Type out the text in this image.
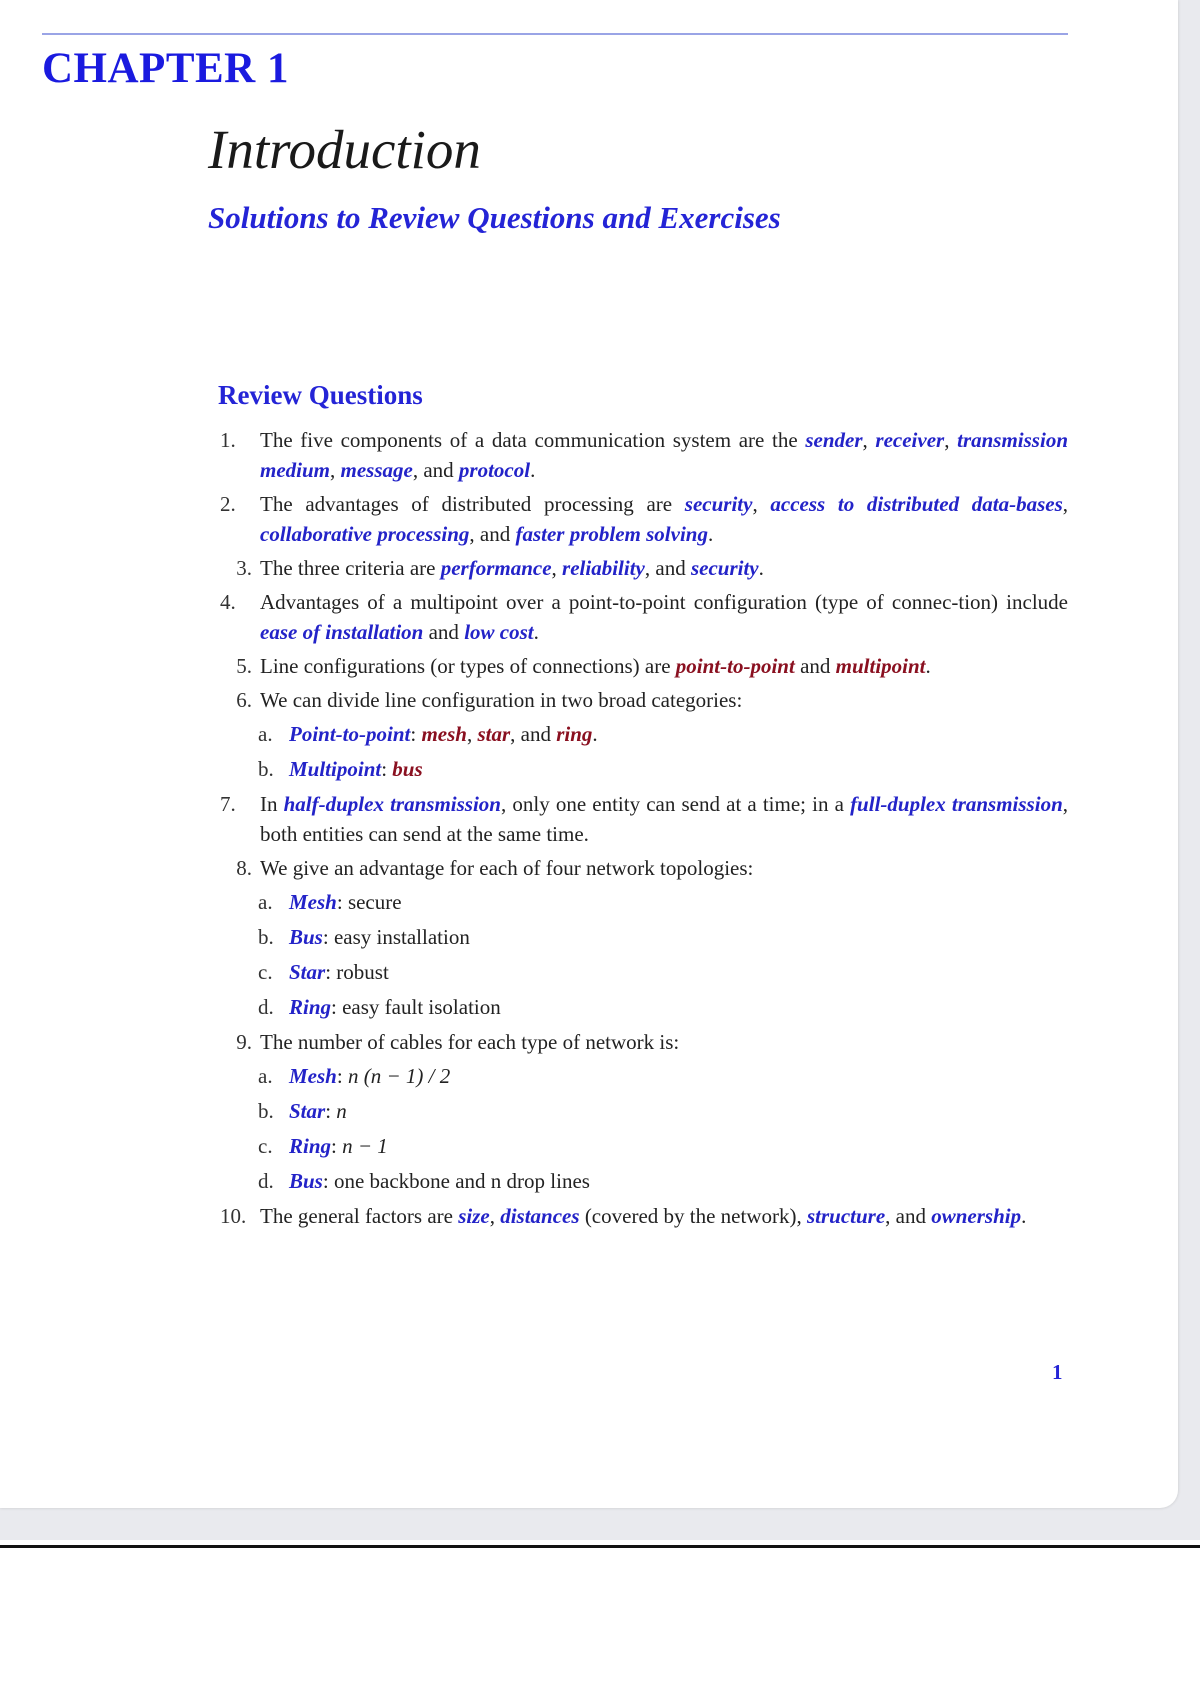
CHAPTER 1
Introduction
Solutions to Review Questions and Exercises
Review Questions
1.	The five components of a data communication system are the sender, receiver, transmission medium, message, and protocol.
2.	The advantages of distributed processing are security, access to distributed data-bases, collaborative processing, and faster problem solving.
3. The three criteria are performance, reliability, and security.
4.	Advantages of a multipoint over a point-to-point configuration (type of connec-tion) include ease of installation and low cost.
5. Line configurations (or types of connections) are point-to-point and multipoint.
6. We can divide line configuration in two broad categories:
a. Point-to-point: mesh, star, and ring.
b. Multipoint: bus
7.	In half-duplex transmission, only one entity can send at a time; in a full-duplex transmission, both entities can send at the same time.
8. We give an advantage for each of four network topologies:
a. Mesh: secure
b. Bus: easy installation
c. Star: robust
d. Ring: easy fault isolation
9. The number of cables for each type of network is:
a. Mesh: n (n − 1) / 2
b. Star: n
c. Ring: n − 1
d. Bus: one backbone and n drop lines
10. The general factors are size, distances (covered by the network), structure, and ownership.
1
